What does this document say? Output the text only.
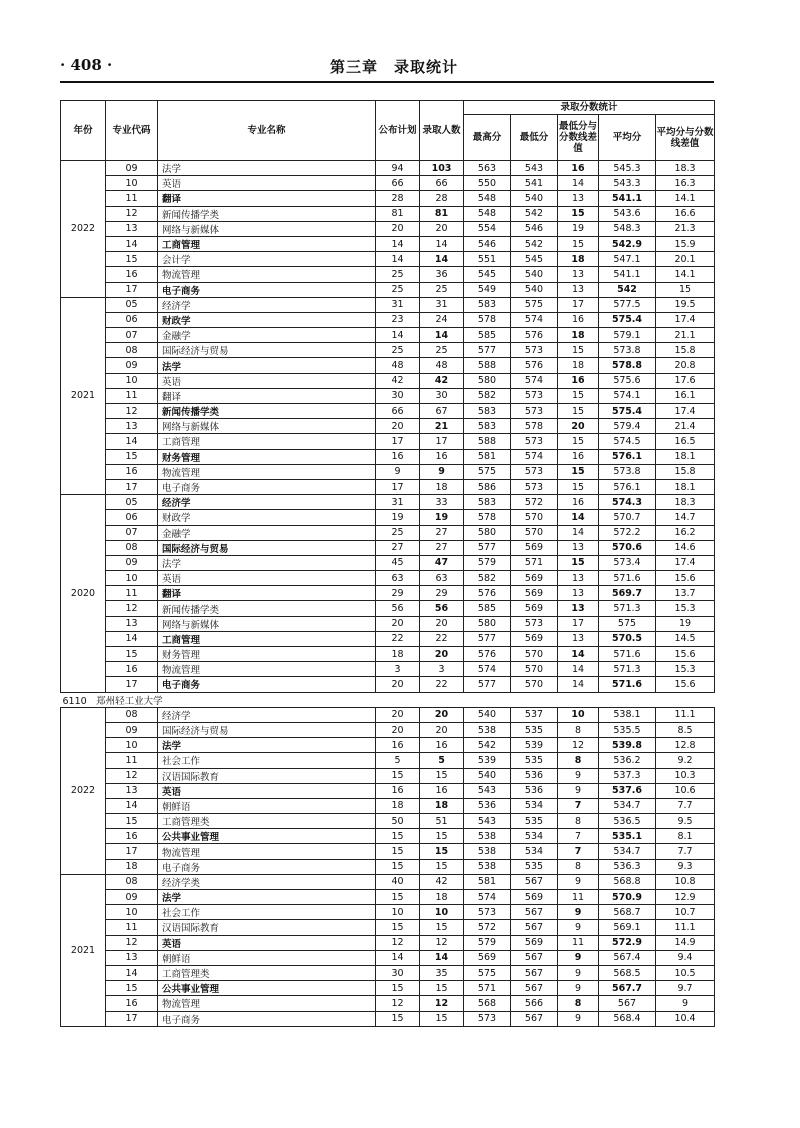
· 408 ·	第三章　录取统计
年份	专业代码	专业名称	公布计划	录取人数	录取分数统计				
					最高分	最低分	最低分与分数线差值	平均分	平均分与分数线差值
2022	09	法学	94	103	563	543	16	545.3	18.3
	10	英语	66	66	550	541	14	543.3	16.3
	11	翻译	28	28	548	540	13	541.1	14.1
	12	新闻传播学类	81	81	548	542	15	543.6	16.6
	13	网络与新媒体	20	20	554	546	19	548.3	21.3
	14	工商管理	14	14	546	542	15	542.9	15.9
	15	会计学	14	14	551	545	18	547.1	20.1
	16	物流管理	25	36	545	540	13	541.1	14.1
	17	电子商务	25	25	549	540	13	542	15
2021	05	经济学	31	31	583	575	17	577.5	19.5
	06	财政学	23	24	578	574	16	575.4	17.4
	07	金融学	14	14	585	576	18	579.1	21.1
	08	国际经济与贸易	25	25	577	573	15	573.8	15.8
	09	法学	48	48	588	576	18	578.8	20.8
	10	英语	42	42	580	574	16	575.6	17.6
	11	翻译	30	30	582	573	15	574.1	16.1
	12	新闻传播学类	66	67	583	573	15	575.4	17.4
	13	网络与新媒体	20	21	583	578	20	579.4	21.4
	14	工商管理	17	17	588	573	15	574.5	16.5
	15	财务管理	16	16	581	574	16	576.1	18.1
	16	物流管理	9	9	575	573	15	573.8	15.8
	17	电子商务	17	18	586	573	15	576.1	18.1
2020	05	经济学	31	33	583	572	16	574.3	18.3
	06	财政学	19	19	578	570	14	570.7	14.7
	07	金融学	25	27	580	570	14	572.2	16.2
	08	国际经济与贸易	27	27	577	569	13	570.6	14.6
	09	法学	45	47	579	571	15	573.4	17.4
	10	英语	63	63	582	569	13	571.6	15.6
	11	翻译	29	29	576	569	13	569.7	13.7
	12	新闻传播学类	56	56	585	569	13	571.3	15.3
	13	网络与新媒体	20	20	580	573	17	575	19
	14	工商管理	22	22	577	569	13	570.5	14.5
	15	财务管理	18	20	576	570	14	571.6	15.6
	16	物流管理	3	3	574	570	14	571.3	15.3
	17	电子商务	20	22	577	570	14	571.6	15.6
6110　郑州轻工业大学									
2022	08	经济学	20	20	540	537	10	538.1	11.1
	09	国际经济与贸易	20	20	538	535	8	535.5	8.5
	10	法学	16	16	542	539	12	539.8	12.8
	11	社会工作	5	5	539	535	8	536.2	9.2
	12	汉语国际教育	15	15	540	536	9	537.3	10.3
	13	英语	16	16	543	536	9	537.6	10.6
	14	朝鲜语	18	18	536	534	7	534.7	7.7
	15	工商管理类	50	51	543	535	8	536.5	9.5
	16	公共事业管理	15	15	538	534	7	535.1	8.1
	17	物流管理	15	15	538	534	7	534.7	7.7
	18	电子商务	15	15	538	535	8	536.3	9.3
2021	08	经济学类	40	42	581	567	9	568.8	10.8
	09	法学	15	18	574	569	11	570.9	12.9
	10	社会工作	10	10	573	567	9	568.7	10.7
	11	汉语国际教育	15	15	572	567	9	569.1	11.1
	12	英语	12	12	579	569	11	572.9	14.9
	13	朝鲜语	14	14	569	567	9	567.4	9.4
	14	工商管理类	30	35	575	567	9	568.5	10.5
	15	公共事业管理	15	15	571	567	9	567.7	9.7
	16	物流管理	12	12	568	566	8	567	9
	17	电子商务	15	15	573	567	9	568.4	10.4
